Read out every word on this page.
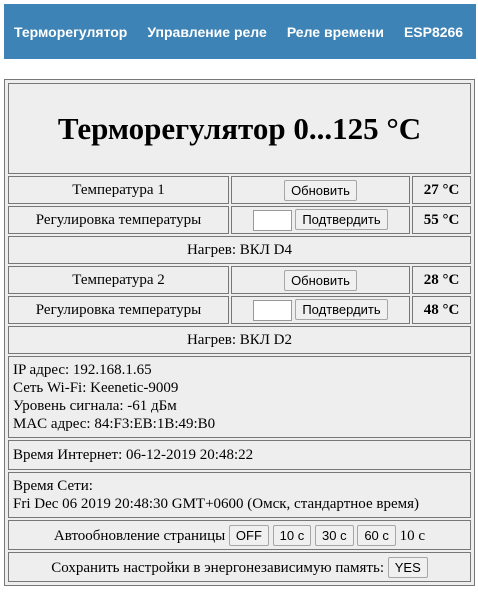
Терморегулятор Управление реле Реле времени ESP8266
Терморегулятор 0...125 °C		
Температура 1	Обновить	27 °C
Регулировка температуры	Подтвердить	55 °C
Нагрев: ВКЛ D4		
Температура 2	Обновить	28 °C
Регулировка температуры	Подтвердить	48 °C
Нагрев: ВКЛ D2		

IP адрес: 192.168.1.65
Сеть Wi-Fi: Keenetic-9009
Уровень сигнала: -61 дБм
MAC адрес: 84:F3:EB:1B:49:B0		

Время Интернет: 06-12-2019 20:48:22		

Время Сети:
Fri Dec 06 2019 20:48:30 GMT+0600 (Омск, стандартное время)		

Автообновление страницы OFF 10 с 30 с 60 с 10 с		
Сохранить настройки в энергонезависимую память: YES		
